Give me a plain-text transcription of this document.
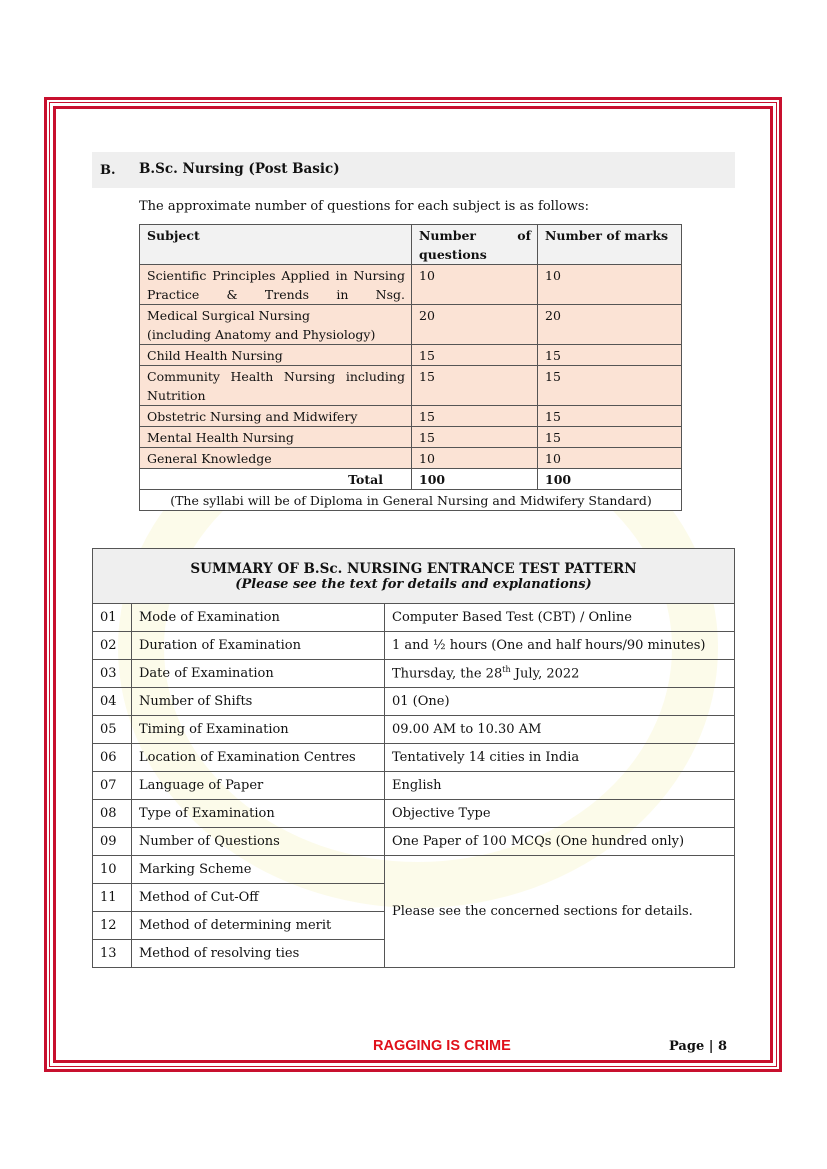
B. B.Sc. Nursing (Post Basic)
The approximate number of questions for each subject is as follows:
Subject	Number of questions	Number of marks
Scientific Principles Applied in Nursing Practice & Trends in Nsg.	10	10
Medical Surgical Nursing
(including Anatomy and Physiology)	20	20
Child Health Nursing	15	15
Community Health Nursing including Nutrition	15	15
Obstetric Nursing and Midwifery	15	15
Mental Health Nursing	15	15
General Knowledge	10	10
Total	100	100
(The syllabi will be of Diploma in General Nursing and Midwifery Standard)		
SUMMARY OF B.Sc. NURSING ENTRANCE TEST PATTERN
(Please see the text for details and explanations)		

01	Mode of Examination	Computer Based Test (CBT) / Online
02	Duration of Examination	1 and ½ hours (One and half hours/90 minutes)
03	Date of Examination	Thursday, the 28th July, 2022
04	Number of Shifts	01 (One)
05	Timing of Examination	09.00 AM to 10.30 AM
06	Location of Examination Centres	Tentatively 14 cities in India
07	Language of Paper	English
08	Type of Examination	Objective Type
09	Number of Questions	One Paper of 100 MCQs (One hundred only)
10	Marking Scheme	Please see the concerned sections for details.
11	Method of Cut-Off	
12	Method of determining merit	
13	Method of resolving ties	
RAGGING IS CRIME	Page | 8
